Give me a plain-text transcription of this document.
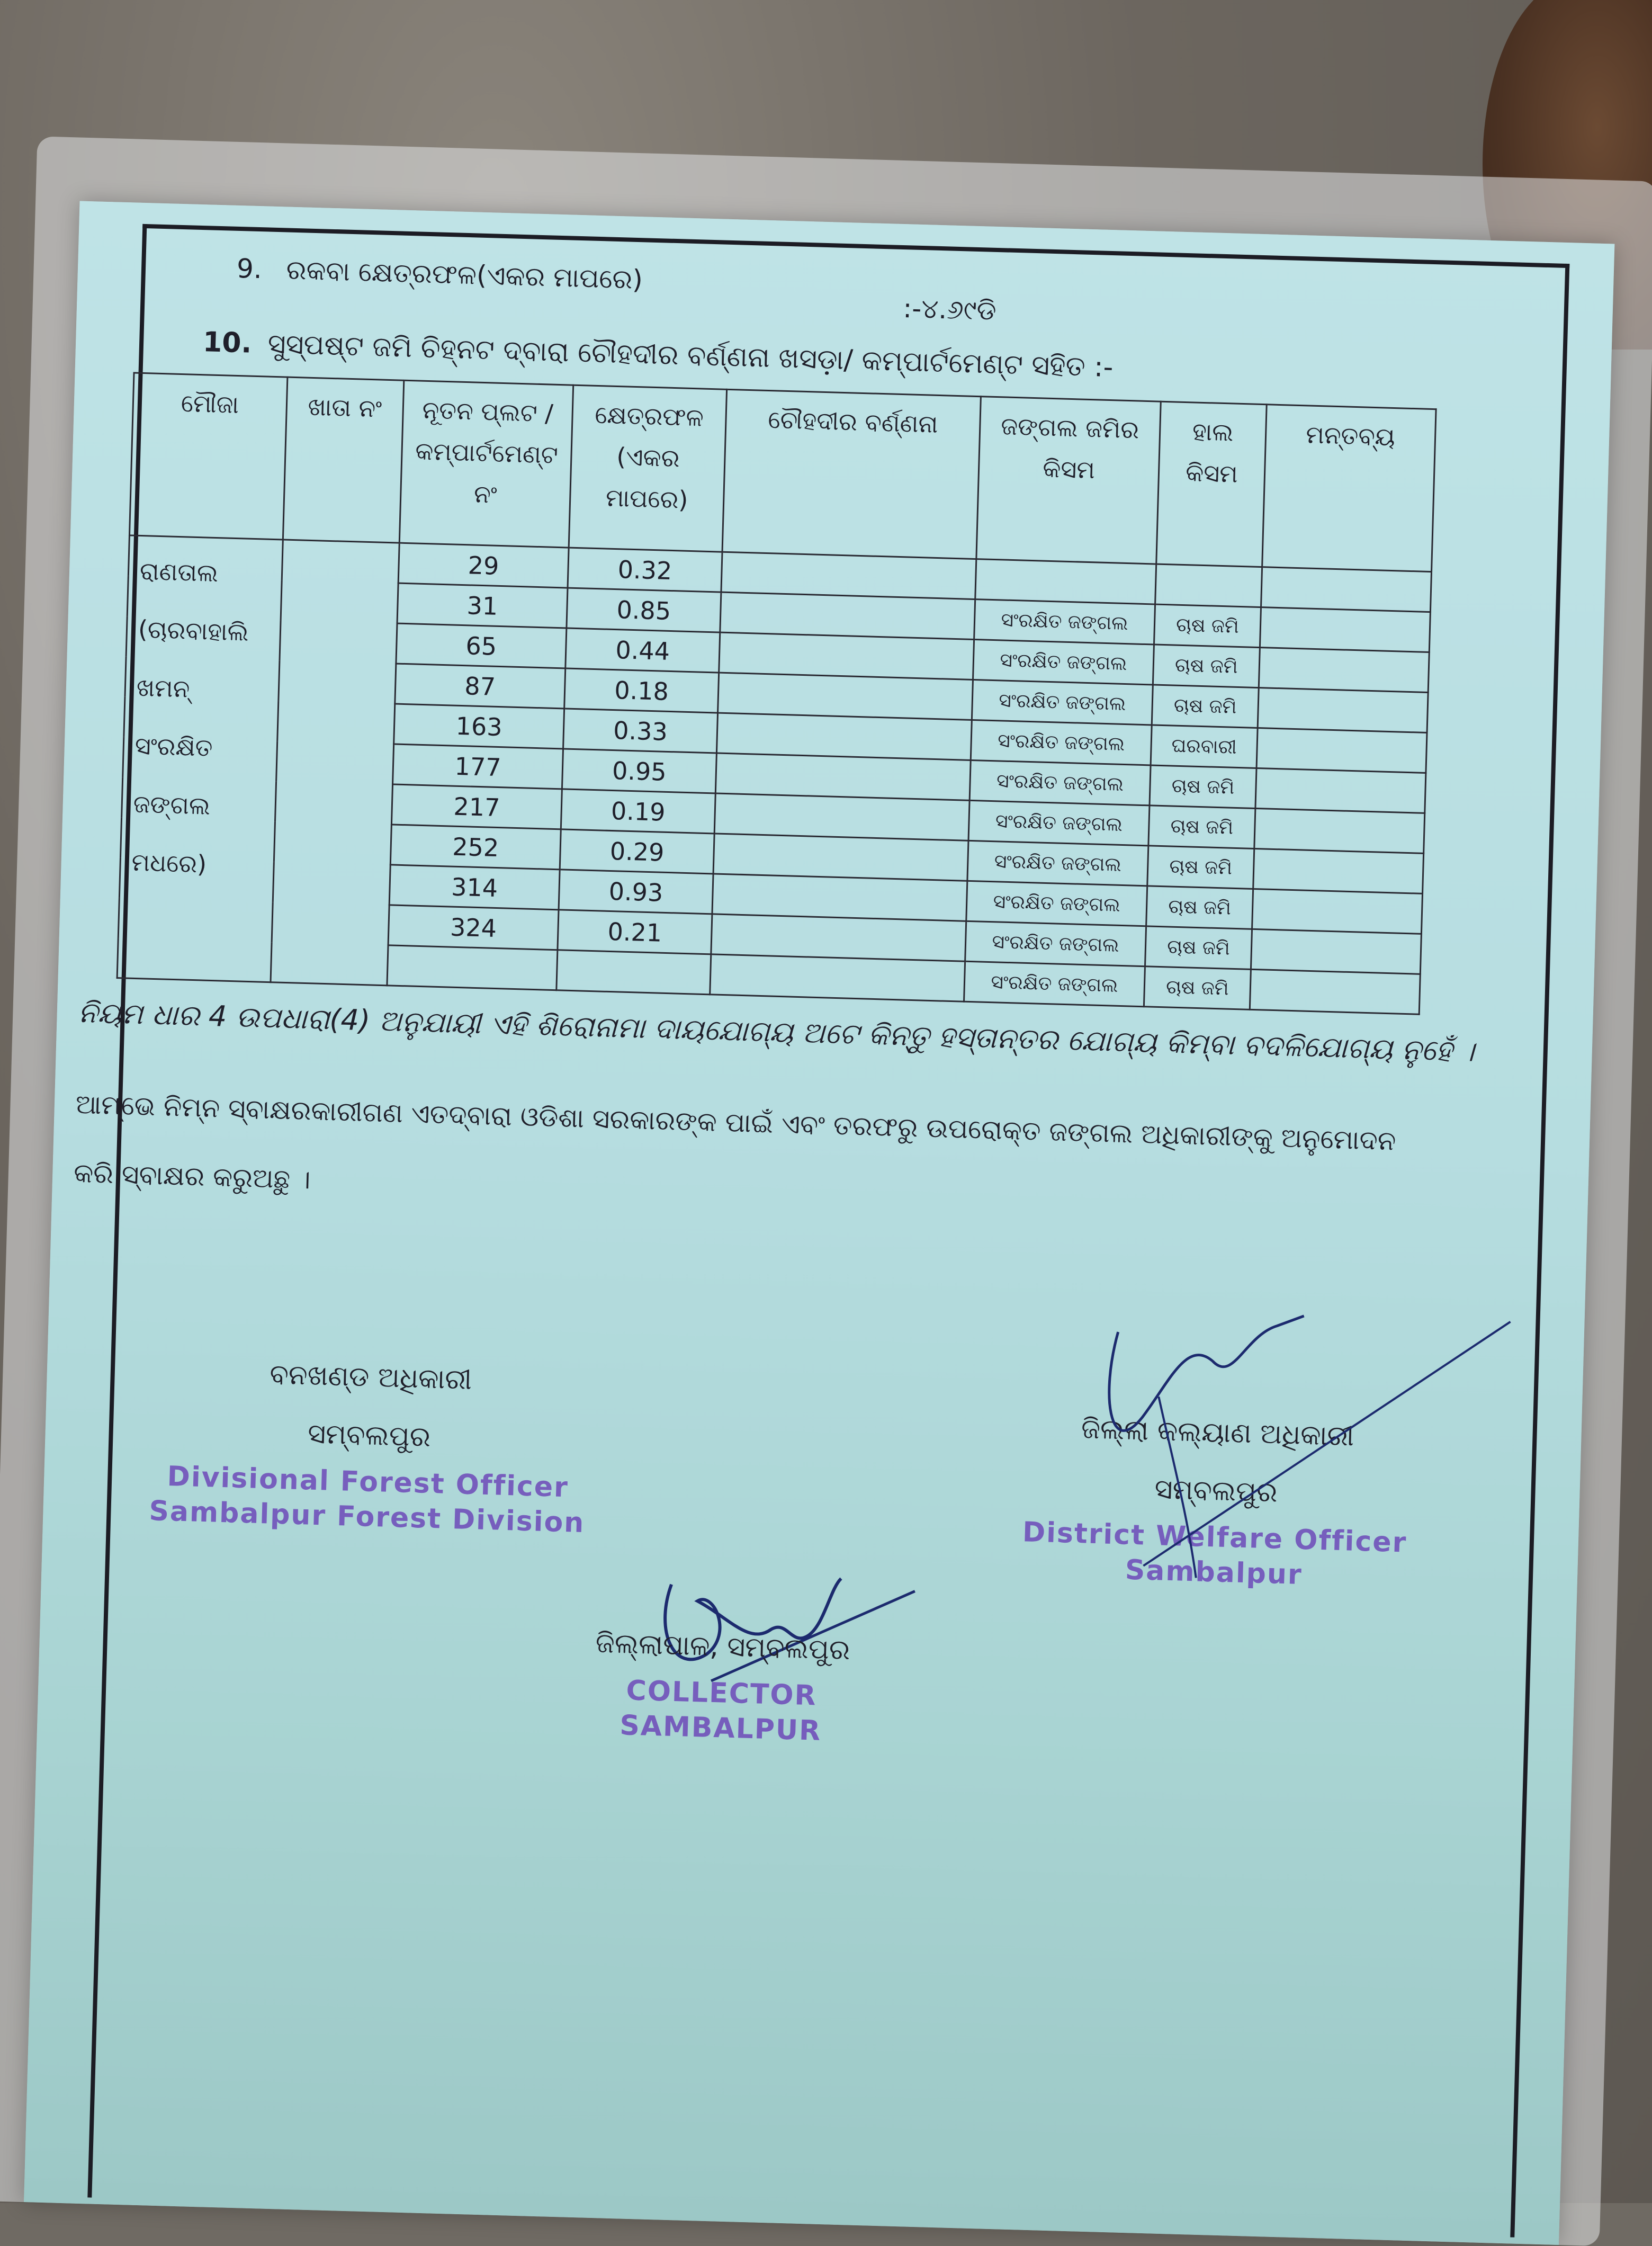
9. ରକବା କ୍ଷେତ୍ରଫଳ(ଏକର ମାପରେ)
:-୪.୬୯ଡି
10. ସୁସ୍ପଷ୍ଟ ଜମି ଚିହ୍ନଟ ଦ୍ବାରା ଚୌହଦୀର ବର୍ଣ୍ଣନା ଖସଡ଼ା/ କମ୍ପାର୍ଟମେଣ୍ଟ ସହିତ :-
ମୌଜା	ଖାତା ନଂ	ନୂତନ ପ୍ଲଟ / କମ୍ପାର୍ଟମେଣ୍ଟ ନଂ	କ୍ଷେତ୍ରଫଳ (ଏକର ମାପରେ)	ଚୌହଦୀର ବର୍ଣ୍ଣନା	ଜଙ୍ଗଲ ଜମିର କିସମ	ହାଲ କିସମ	ମନ୍ତବ୍ୟ

ରାଣତାଲ
(ଚାରବାହାଲି
ଖମନ୍ ସଂରକ୍ଷିତ
ଜଙ୍ଗଲ ମଧରେ)		29	0.32				
		31	0.85		ସଂରକ୍ଷିତ ଜଙ୍ଗଲ	ଚାଷ ଜମି	
		65	0.44		ସଂରକ୍ଷିତ ଜଙ୍ଗଲ	ଚାଷ ଜମି	
		87	0.18		ସଂରକ୍ଷିତ ଜଙ୍ଗଲ	ଚାଷ ଜମି	
		163	0.33		ସଂରକ୍ଷିତ ଜଙ୍ଗଲ	ଘରବାରୀ	
		177	0.95		ସଂରକ୍ଷିତ ଜଙ୍ଗଲ	ଚାଷ ଜମି	
		217	0.19		ସଂରକ୍ଷିତ ଜଙ୍ଗଲ	ଚାଷ ଜମି	
		252	0.29		ସଂରକ୍ଷିତ ଜଙ୍ଗଲ	ଚାଷ ଜମି	
		314	0.93		ସଂରକ୍ଷିତ ଜଙ୍ଗଲ	ଚାଷ ଜମି	
		324	0.21		ସଂରକ୍ଷିତ ଜଙ୍ଗଲ	ଚାଷ ଜମି	
					ସଂରକ୍ଷିତ ଜଙ୍ଗଲ	ଚାଷ ଜମି	
ନିୟମ ଧାର 4 ଉପଧାରା(4) ଅନୁଯାୟୀ ଏହି ଶିରୋନାମା ଦାୟଯୋଗ୍ୟ ଅଟେ କିନ୍ତୁ ହସ୍ତାନ୍ତର ଯୋଗ୍ୟ କିମ୍ବା ବଦଳିଯୋଗ୍ୟ ନୁହେଁ ।
ଆମ୍ଭେ ନିମ୍ନ ସ୍ବାକ୍ଷରକାରୀଗଣ ଏତଦ୍ବାରା ଓଡିଶା ସରକାରଙ୍କ ପାଇଁ ଏବଂ ତରଫରୁ ଉପରୋକ୍ତ ଜଙ୍ଗଲ ଅଧିକାରୀଙ୍କୁ ଅନୁମୋଦନ କରି ସ୍ବାକ୍ଷର କରୁଅଛୁ ।
ବନଖଣ୍ଡ ଅଧିକାରୀ
ସମ୍ବଲପୁର
Divisional Forest Officer
Sambalpur Forest Division
ଜିଲ୍ଲା କଲ୍ୟାଣ ଅଧିକାରୀ
ସମ୍ବଲପୁର
District Welfare Officer
Sambalpur
ଜିଲ୍ଲାପାଳ, ସମ୍ବଲପୁର
COLLECTOR
SAMBALPUR
